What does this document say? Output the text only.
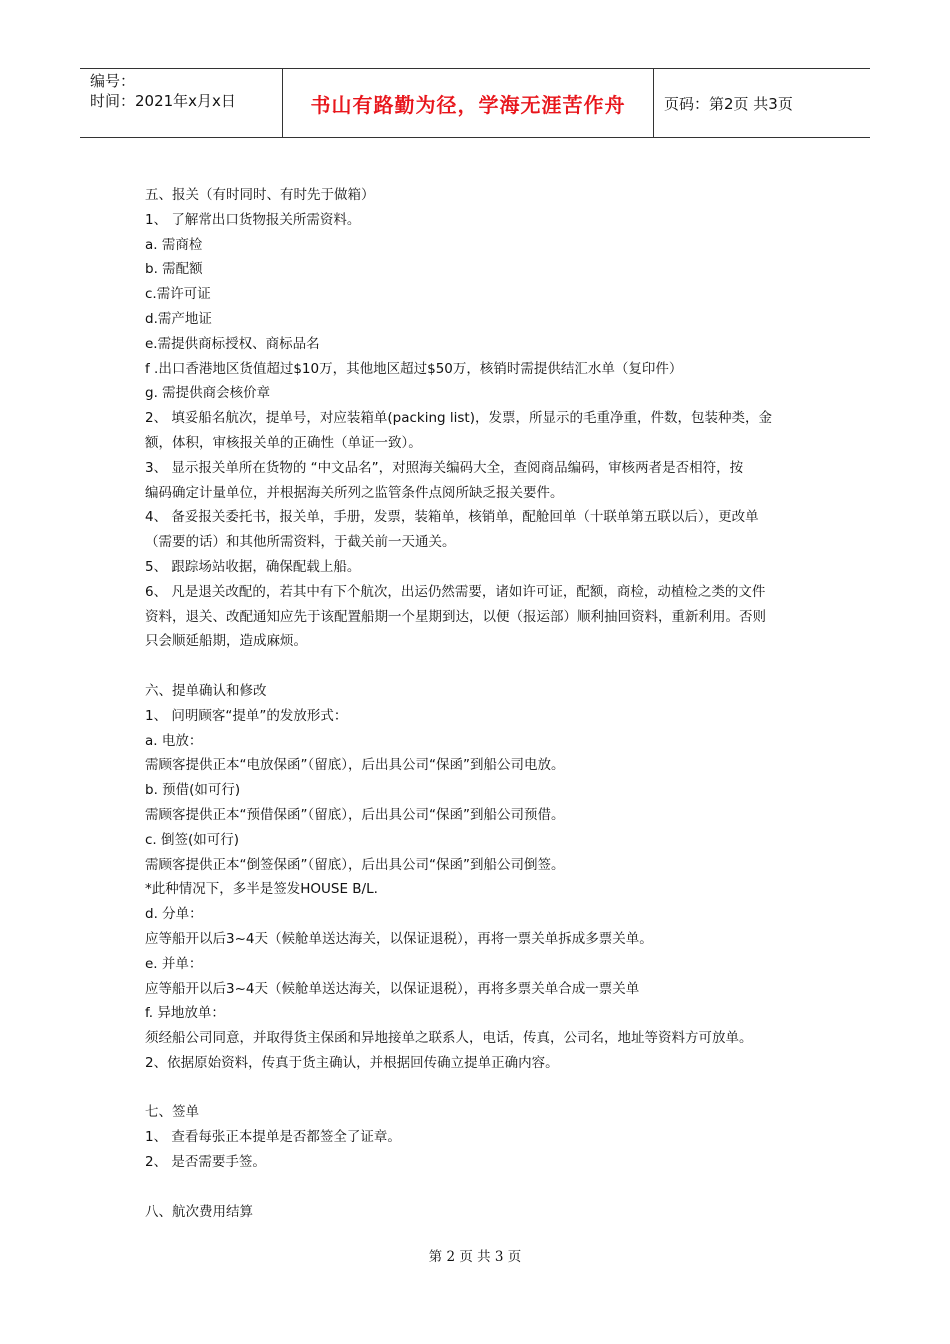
编号：
时间：2021年x月x日	书山有路勤为径，学海无涯苦作舟	页码：第2页 共3页

五、报关（有时同时、有时先于做箱）

1、 了解常出口货物报关所需资料。

a. 需商检

b. 需配额

c.需许可证

d.需产地证

e.需提供商标授权、商标品名

f .出口香港地区货值超过$10万，其他地区超过$50万，核销时需提供结汇水单（复印件）

g. 需提供商会核价章

2、 填妥船名航次，提单号，对应装箱单(packing list)，发票，所显示的毛重净重，件数，包装种类，金

额，体积，审核报关单的正确性（单证一致）。

3、 显示报关单所在货物的 “中文品名”，对照海关编码大全，查阅商品编码，审核两者是否相符，按

编码确定计量单位，并根据海关所列之监管条件点阅所缺乏报关要件。

4、 备妥报关委托书，报关单，手册，发票，装箱单，核销单，配舱回单（十联单第五联以后），更改单

（需要的话）和其他所需资料，于截关前一天通关。

5、 跟踪场站收据，确保配载上船。

6、 凡是退关改配的，若其中有下个航次，出运仍然需要，诸如许可证，配额，商检，动植检之类的文件

资料，退关、改配通知应先于该配置船期一个星期到达，以便（报运部）顺利抽回资料，重新利用。否则

只会顺延船期，造成麻烦。

六、提单确认和修改

1、 问明顾客“提单”的发放形式：

a. 电放：

需顾客提供正本“电放保函”（留底），后出具公司“保函”到船公司电放。

b. 预借(如可行)

需顾客提供正本“预借保函”（留底），后出具公司“保函”到船公司预借。

c. 倒签(如可行)

需顾客提供正本“倒签保函”（留底），后出具公司“保函”到船公司倒签。

*此种情况下，多半是签发HOUSE B/L.

d. 分单：

应等船开以后3~4天（候舱单送达海关，以保证退税），再将一票关单拆成多票关单。

e. 并单：

应等船开以后3~4天（候舱单送达海关，以保证退税），再将多票关单合成一票关单

f. 异地放单：

须经船公司同意，并取得货主保函和异地接单之联系人，电话，传真，公司名，地址等资料方可放单。

2、依据原始资料，传真于货主确认，并根据回传确立提单正确内容。

七、签单

1、 查看每张正本提单是否都签全了证章。

2、 是否需要手签。

八、航次费用结算

第 2 页 共 3 页
